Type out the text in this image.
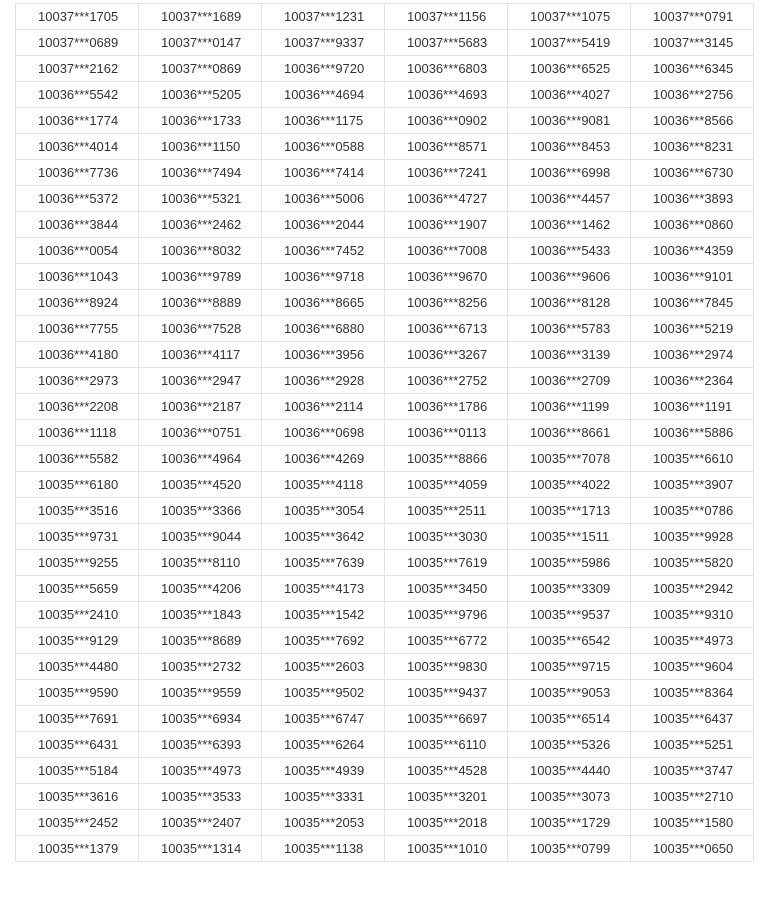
10037***1705	10037***1689	10037***1231	10037***1156	10037***1075	10037***0791
10037***0689	10037***0147	10037***9337	10037***5683	10037***5419	10037***3145
10037***2162	10037***0869	10036***9720	10036***6803	10036***6525	10036***6345
10036***5542	10036***5205	10036***4694	10036***4693	10036***4027	10036***2756
10036***1774	10036***1733	10036***1175	10036***0902	10036***9081	10036***8566
10036***4014	10036***1150	10036***0588	10036***8571	10036***8453	10036***8231
10036***7736	10036***7494	10036***7414	10036***7241	10036***6998	10036***6730
10036***5372	10036***5321	10036***5006	10036***4727	10036***4457	10036***3893
10036***3844	10036***2462	10036***2044	10036***1907	10036***1462	10036***0860
10036***0054	10036***8032	10036***7452	10036***7008	10036***5433	10036***4359
10036***1043	10036***9789	10036***9718	10036***9670	10036***9606	10036***9101
10036***8924	10036***8889	10036***8665	10036***8256	10036***8128	10036***7845
10036***7755	10036***7528	10036***6880	10036***6713	10036***5783	10036***5219
10036***4180	10036***4117	10036***3956	10036***3267	10036***3139	10036***2974
10036***2973	10036***2947	10036***2928	10036***2752	10036***2709	10036***2364
10036***2208	10036***2187	10036***2114	10036***1786	10036***1199	10036***1191
10036***1118	10036***0751	10036***0698	10036***0113	10036***8661	10036***5886
10036***5582	10036***4964	10036***4269	10035***8866	10035***7078	10035***6610
10035***6180	10035***4520	10035***4118	10035***4059	10035***4022	10035***3907
10035***3516	10035***3366	10035***3054	10035***2511	10035***1713	10035***0786
10035***9731	10035***9044	10035***3642	10035***3030	10035***1511	10035***9928
10035***9255	10035***8110	10035***7639	10035***7619	10035***5986	10035***5820
10035***5659	10035***4206	10035***4173	10035***3450	10035***3309	10035***2942
10035***2410	10035***1843	10035***1542	10035***9796	10035***9537	10035***9310
10035***9129	10035***8689	10035***7692	10035***6772	10035***6542	10035***4973
10035***4480	10035***2732	10035***2603	10035***9830	10035***9715	10035***9604
10035***9590	10035***9559	10035***9502	10035***9437	10035***9053	10035***8364
10035***7691	10035***6934	10035***6747	10035***6697	10035***6514	10035***6437
10035***6431	10035***6393	10035***6264	10035***6110	10035***5326	10035***5251
10035***5184	10035***4973	10035***4939	10035***4528	10035***4440	10035***3747
10035***3616	10035***3533	10035***3331	10035***3201	10035***3073	10035***2710
10035***2452	10035***2407	10035***2053	10035***2018	10035***1729	10035***1580
10035***1379	10035***1314	10035***1138	10035***1010	10035***0799	10035***0650
